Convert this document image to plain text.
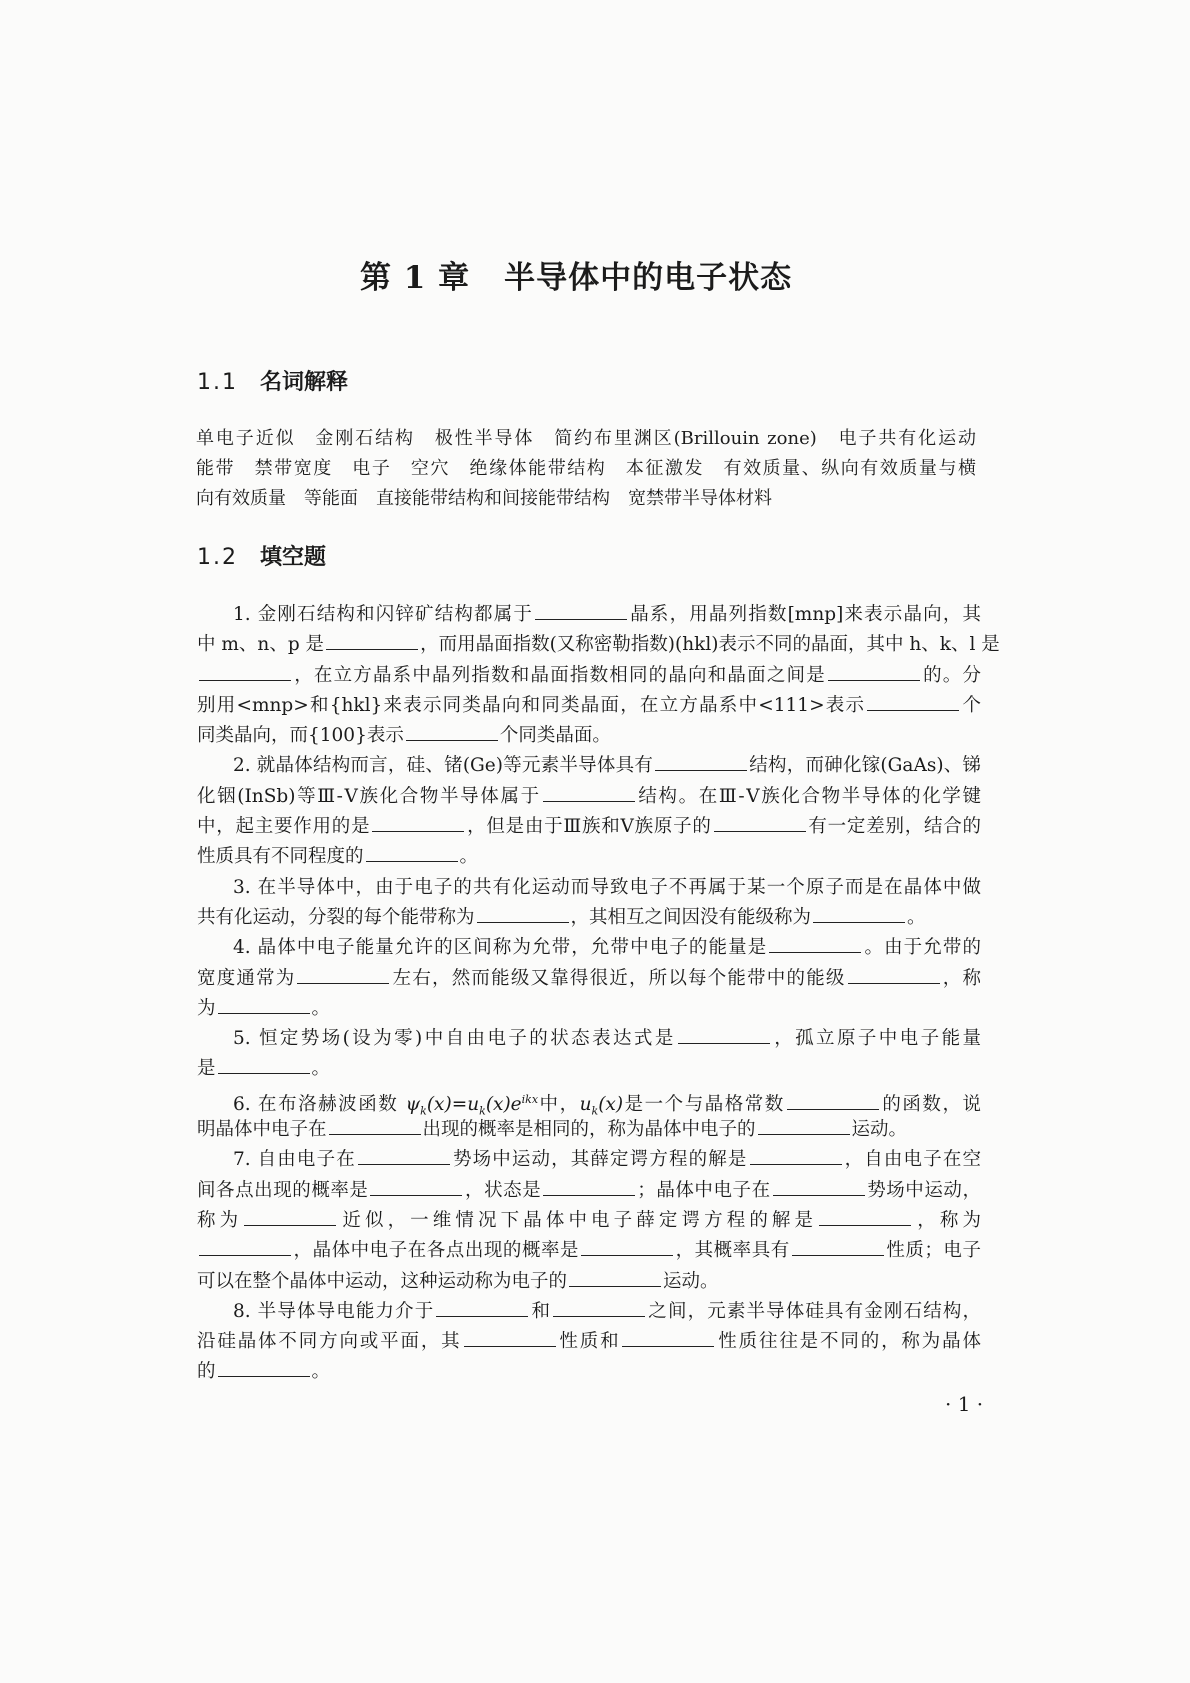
第 1 章 半导体中的电子状态
1.1 名词解释
单电子近似　金刚石结构　极性半导体　简约布里渊区(Brillouin zone)　电子共有化运动
能带　禁带宽度　电子　空穴　绝缘体能带结构　本征激发　有效质量、纵向有效质量与横
向有效质量　等能面　直接能带结构和间接能带结构　宽禁带半导体材料
1.2 填空题
1. 金刚石结构和闪锌矿结构都属于	晶系，用晶列指数[mnp]来表示晶向，其
中 m、n、p 是	，而用晶面指数(又称密勒指数)(hkl)表示不同的晶面，其中 h、k、l 是
，在立方晶系中晶列指数和晶面指数相同的晶向和晶面之间是	的。分
别用<mnp>和{hkl}来表示同类晶向和同类晶面，在立方晶系中<111>表示	个
同类晶向，而{100}表示	个同类晶面。
2. 就晶体结构而言，硅、锗(Ge)等元素半导体具有	结构，而砷化镓(GaAs)、锑
化铟(InSb)等Ⅲ-Ⅴ族化合物半导体属于	结构。在Ⅲ-Ⅴ族化合物半导体的化学键
中，起主要作用的是	，但是由于Ⅲ族和Ⅴ族原子的	有一定差别，结合的
性质具有不同程度的	。
3. 在半导体中，由于电子的共有化运动而导致电子不再属于某一个原子而是在晶体中做
共有化运动，分裂的每个能带称为	，其相互之间因没有能级称为	。
4. 晶体中电子能量允许的区间称为允带，允带中电子的能量是	。由于允带的
宽度通常为	左右，然而能级又靠得很近，所以每个能带中的能级	，称
为	。
5. 恒定势场(设为零)中自由电子的状态表达式是	，孤立原子中电子能量
是	。
6. 在布洛赫波函数 $\psi_k(x)=u_k(x)e^{ikx}$中，$u_k(x)$是一个与晶格常数	的函数，说
明晶体中电子在	出现的概率是相同的，称为晶体中电子的	运动。
7. 自由电子在	势场中运动，其薛定谔方程的解是	，自由电子在空
间各点出现的概率是	，状态是	；晶体中电子在	势场中运动，
称为	近似，一维情况下晶体中电子薛定谔方程的解是	，称为
，晶体中电子在各点出现的概率是	，其概率具有	性质；电子
可以在整个晶体中运动，这种运动称为电子的	运动。
8. 半导体导电能力介于	和	之间，元素半导体硅具有金刚石结构，
沿硅晶体不同方向或平面，其	性质和	性质往往是不同的，称为晶体
的	。
· 1 ·
